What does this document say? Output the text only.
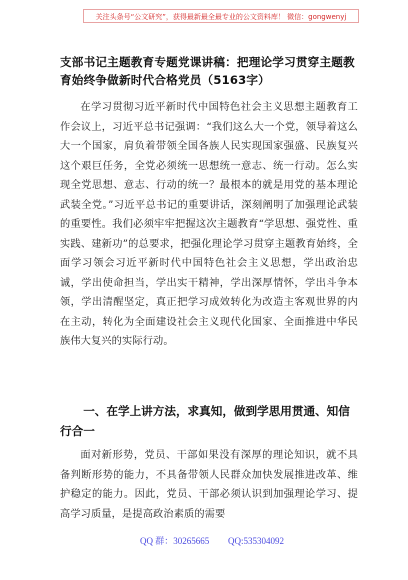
关注头条号“公文研究”，获得最新最全最专业的公文资料库！ 微信：gongwenyj
支部书记主题教育专题党课讲稿：把理论学习贯穿主题教育始终争做新时代合格党员（5163字）

在学习贯彻习近平新时代中国特色社会主义思想主题教育工作会议上，习近平总书记强调：“我们这么大一个党，领导着这么大一个国家，肩负着带领全国各族人民实现国家强盛、民族复兴这个艰巨任务，全党必须统一思想统一意志、统一行动。怎么实现全党思想、意志、行动的统一？最根本的就是用党的基本理论武装全党。”习近平总书记的重要讲话，深刻阐明了加强理论武装的重要性。我们必须牢牢把握这次主题教育“学思想、强党性、重实践、建新功”的总要求，把强化理论学习贯穿主题教育始终，全面学习领会习近平新时代中国特色社会主义思想，学出政治忠诚，学出使命担当，学出实干精神，学出深厚情怀，学出斗争本领，学出清醒坚定，真正把学习成效转化为改造主客观世界的内在主动，转化为全面建设社会主义现代化国家、全面推进中华民族伟大复兴的实际行动。

一、在学上讲方法，求真知，做到学思用贯通、知信行合一

面对新形势，党员、干部如果没有深厚的理论知识，就不具备判断形势的能力，不具备带领人民群众加快发展推进改革、维护稳定的能力。因此，党员、干部必须认识到加强理论学习、提高学习质量，是提高政治素质的需要

QQ 群：30265665 QQ:535304092
